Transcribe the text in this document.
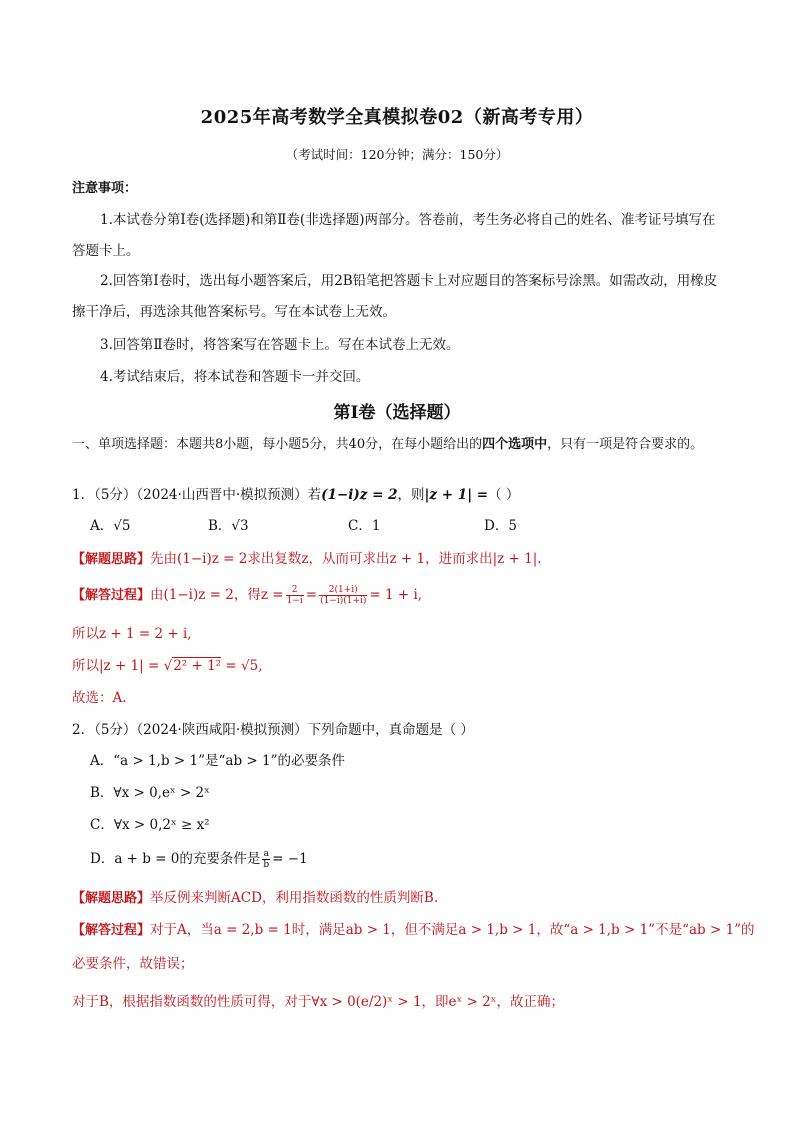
2025年高考数学全真模拟卷02（新高考专用）
（考试时间：120分钟；满分：150分）
注意事项：
1.本试卷分第Ⅰ卷(选择题)和第Ⅱ卷(非选择题)两部分。答卷前，考生务必将自己的姓名、准考证号填写在答题卡上。
2.回答第Ⅰ卷时，选出每小题答案后，用2B铅笔把答题卡上对应题目的答案标号涂黑。如需改动，用橡皮擦干净后，再选涂其他答案标号。写在本试卷上无效。
3.回答第Ⅱ卷时，将答案写在答题卡上。写在本试卷上无效。
4.考试结束后，将本试卷和答题卡一并交回。
第Ⅰ卷（选择题）
一、单项选择题：本题共8小题，每小题5分，共40分，在每小题给出的四个选项中，只有一项是符合要求的。
1．（5分）（2024·山西晋中·模拟预测）若(1−i)z = 2，则|z + 1| =（ ）
A．√5	B．√3	C．1	D．5
【解题思路】先由(1−i)z = 2求出复数z，从而可求出z + 1，进而求出|z + 1|.
【解答过程】由(1−i)z = 2，得$z = \frac{2}{1-i} = \frac{2(1+i)}{(1-i)(1+i)} = 1 + i$,
所以z + 1 = 2 + i,
所以|z + 1| = √2² + 1² = √5,
故选：A.
2．（5分）（2024·陕西咸阳·模拟预测）下列命题中，真命题是（ ）
A．“a > 1,b > 1”是“ab > 1”的必要条件
B．∀x > 0,eˣ > 2ˣ
C．∀x > 0,2ˣ ≥ x²
D．a + b = 0的充要条件是 $\frac{a}{b} = -1$
【解题思路】举反例来判断ACD，利用指数函数的性质判断B.
【解答过程】对于A，当a = 2,b = 1时，满足ab > 1，但不满足a > 1,b > 1，故“a > 1,b > 1”不是“ab > 1”的
必要条件，故错误；
对于B，根据指数函数的性质可得，对于∀x > 0(e/2)ˣ > 1，即eˣ > 2ˣ，故正确；
